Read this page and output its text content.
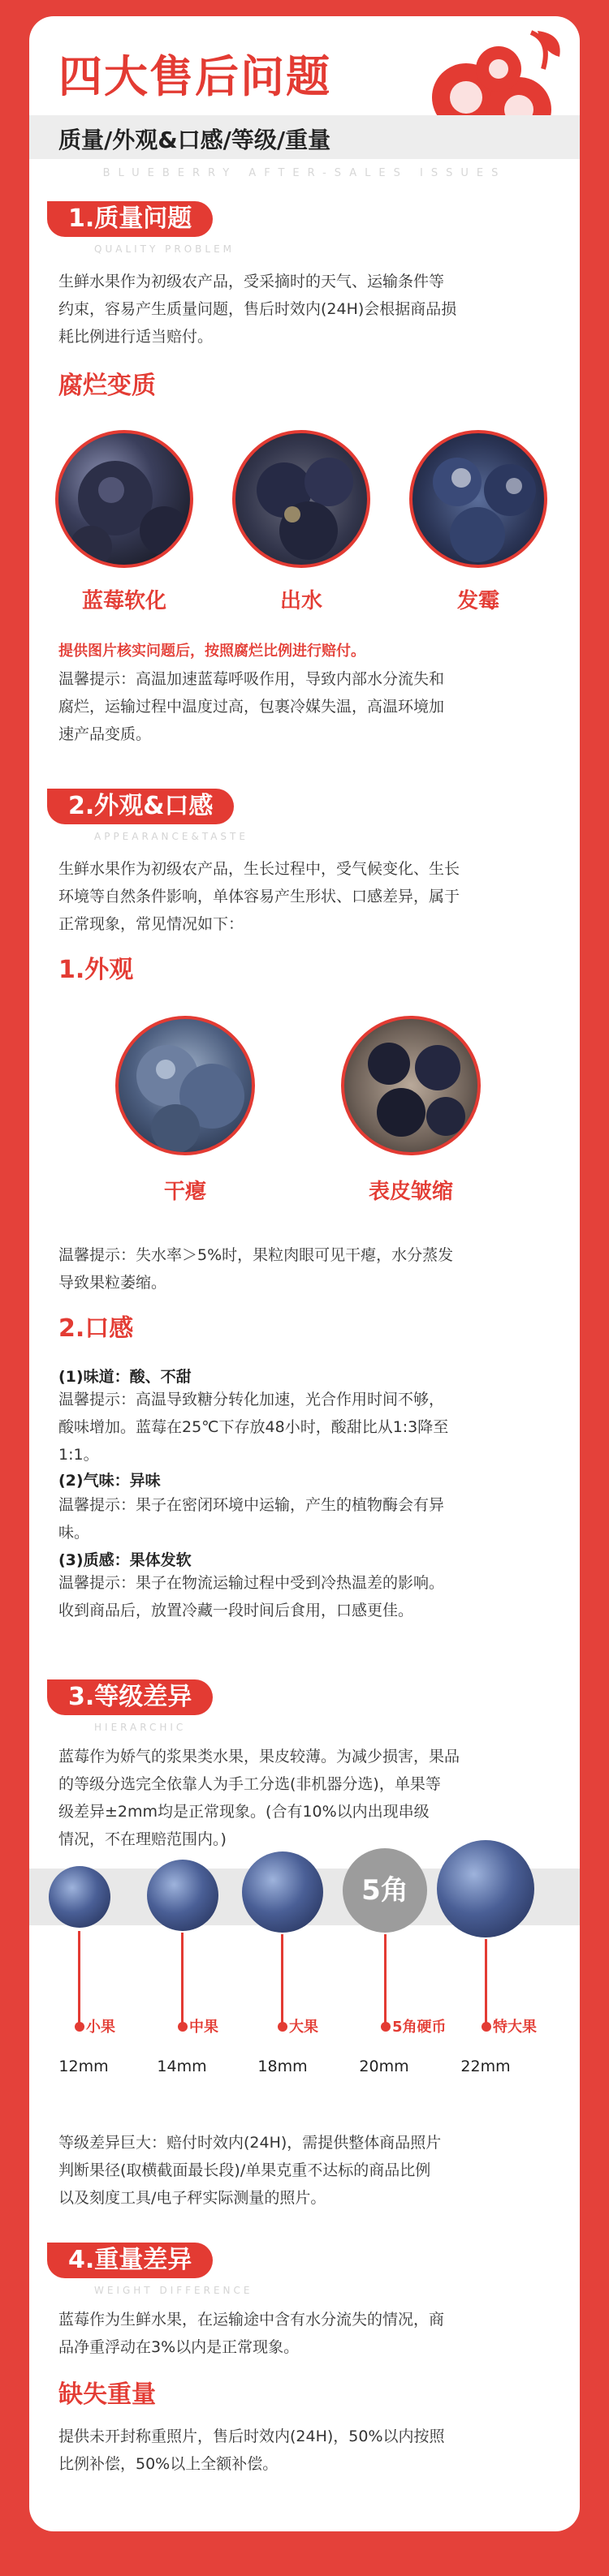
四大售后问题
质量/外观&口感/等级/重量
BLUEBERRY AFTER-SALES ISSUES
1.质量问题
QUALITY PROBLEM
生鲜水果作为初级农产品，受采摘时的天气、运输条件等
约束，容易产生质量问题，售后时效内(24H)会根据商品损
耗比例进行适当赔付。
腐烂变质
蓝莓软化	出水	发霉
提供图片核实问题后，按照腐烂比例进行赔付。
温馨提示：高温加速蓝莓呼吸作用，导致内部水分流失和
腐烂，运输过程中温度过高，包裹冷媒失温，高温环境加
速产品变质。
2.外观&口感
APPEARANCE&TASTE
生鲜水果作为初级农产品，生长过程中，受气候变化、生长
环境等自然条件影响，单体容易产生形状、口感差异，属于
正常现象，常见情况如下：
1.外观
干瘪	表皮皱缩
温馨提示：失水率＞5%时，果粒肉眼可见干瘪，水分蒸发
导致果粒萎缩。
2.口感
(1)味道：酸、不甜
温馨提示：高温导致糖分转化加速，光合作用时间不够，
酸味增加。蓝莓在25℃下存放48小时，酸甜比从1:3降至
1:1。
(2)气味：异味
温馨提示：果子在密闭环境中运输，产生的植物酶会有异
味。
(3)质感：果体发软
温馨提示：果子在物流运输过程中受到冷热温差的影响。
收到商品后，放置冷藏一段时间后食用，口感更佳。
3.等级差异
HIERARCHIC
蓝莓作为娇气的浆果类水果，果皮较薄。为减少损害，果品
的等级分选完全依靠人为手工分选(非机器分选)，单果等
级差异±2mm均是正常现象。(合有10%以内出现串级
情况，不在理赔范围内。)
5角
小果	中果	大果	5角硬币	特大果
12mm	14mm	18mm	20mm	22mm
等级差异巨大：赔付时效内(24H)，需提供整体商品照片
判断果径(取横截面最长段)/单果克重不达标的商品比例
以及刻度工具/电子秤实际测量的照片。
4.重量差异
WEIGHT DIFFERENCE
蓝莓作为生鲜水果，在运输途中含有水分流失的情况，商
品净重浮动在3%以内是正常现象。
缺失重量
提供未开封称重照片，售后时效内(24H)，50%以内按照
比例补偿，50%以上全额补偿。
